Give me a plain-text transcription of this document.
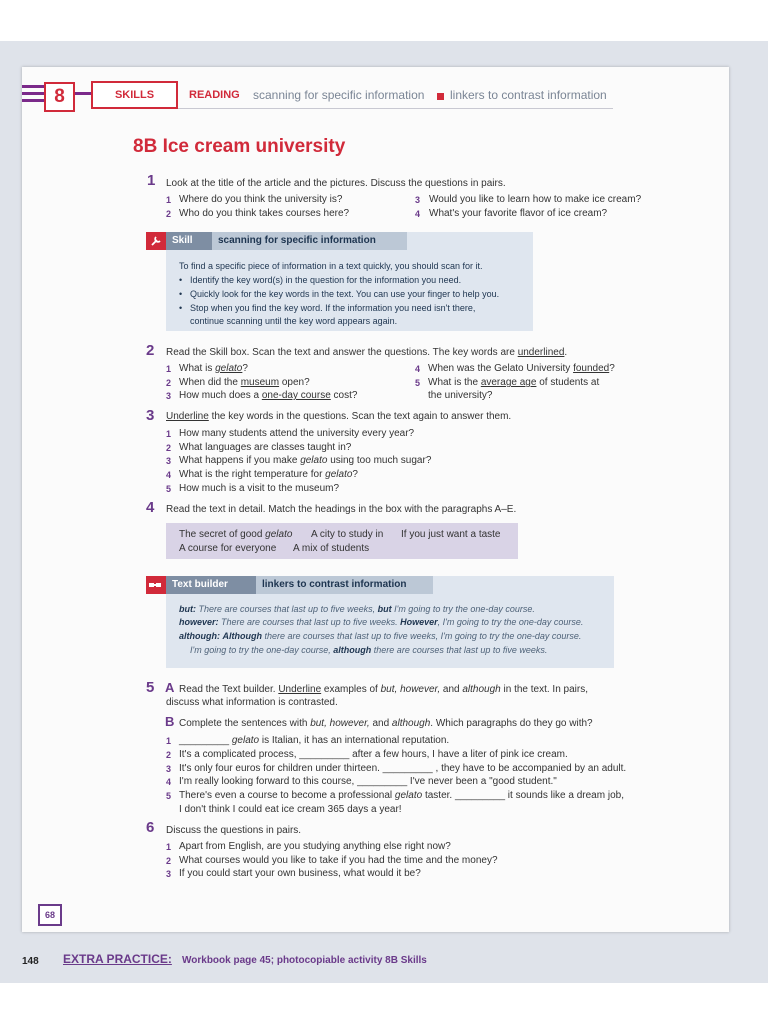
8	SKILLS	READING scanning for specific information linkers to contrast information
8B Ice cream university
1 Look at the title of the article and the pictures. Discuss the questions in pairs.
1 Where do you think the university is?
2 Who do you think takes courses here?
3 Would you like to learn how to make ice cream?
4 What's your favorite flavor of ice cream?
Skill	scanning for specific information
To find a specific piece of information in a text quickly, you should scan for it.
• Identify the key word(s) in the question for the information you need.
• Quickly look for the key words in the text. You can use your finger to help you.
• Stop when you find the key word. If the information you need isn't there,
continue scanning until the key word appears again.
2 Read the Skill box. Scan the text and answer the questions. The key words are underlined.
1 What is gelato?
2 When did the museum open?
3 How much does a one-day course cost?
4 When was the Gelato University founded?
5 What is the average age of students at
the university?
3 Underline the key words in the questions. Scan the text again to answer them.
1 How many students attend the university every year?
2 What languages are classes taught in?
3 What happens if you make gelato using too much sugar?
4 What is the right temperature for gelato?
5 How much is a visit to the museum?
4 Read the text in detail. Match the headings in the box with the paragraphs A–E.
The secret of good gelato A city to study in If you just want a taste
A course for everyone A mix of students
Text builder	linkers to contrast information
but: There are courses that last up to five weeks, but I'm going to try the one-day course.
however: There are courses that last up to five weeks. However, I'm going to try the one-day course.
although: Although there are courses that last up to five weeks, I'm going to try the one-day course.
I'm going to try the one-day course, although there are courses that last up to five weeks.
5 A Read the Text builder. Underline examples of but, however, and although in the text. In pairs,
discuss what information is contrasted.
B Complete the sentences with but, however, and although. Which paragraphs do they go with?
1 _________ gelato is Italian, it has an international reputation.
2 It's a complicated process, _________ after a few hours, I have a liter of pink ice cream.
3 It's only four euros for children under thirteen. _________ , they have to be accompanied by an adult.
4 I'm really looking forward to this course, _________ I've never been a "good student."
5 There's even a course to become a professional gelato taster. _________ it sounds like a dream job,
I don't think I could eat ice cream 365 days a year!
6 Discuss the questions in pairs.
1 Apart from English, are you studying anything else right now?
2 What courses would you like to take if you had the time and the money?
3 If you could start your own business, what would it be?
68
148 EXTRA PRACTICE: Workbook page 45; photocopiable activity 8B Skills
